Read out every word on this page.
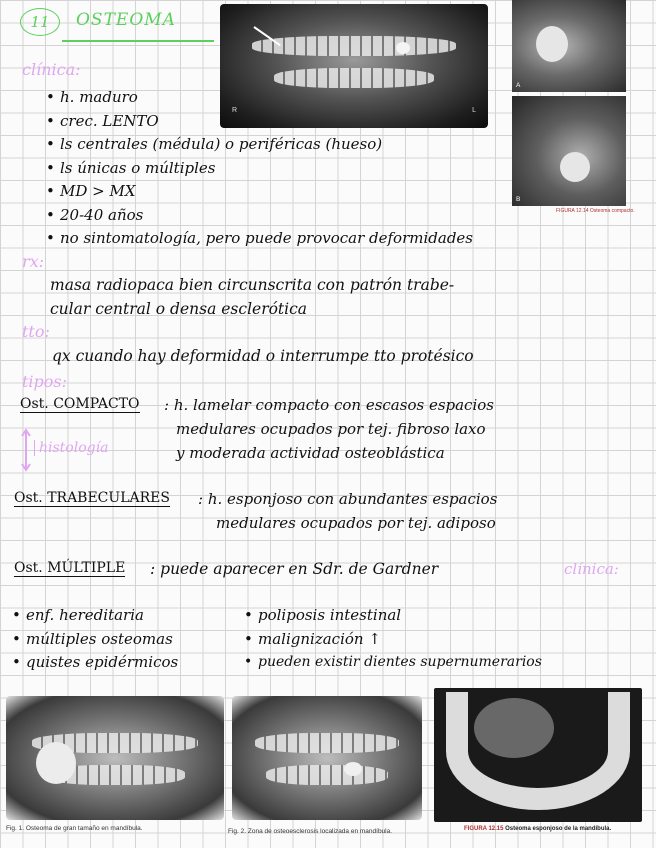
11	OSTEOMA
clínica:
• h. maduro
• crec. LENTO
• ls centrales (médula) o periféricas (hueso)
• ls únicas o múltiples
• MD > MX
• 20-40 años
• no sintomatología, pero puede provocar deformidades
R	L
A
B
FIGURA 12.14 Osteoma compacto.
rx:
masa radiopaca bien circunscrita con patrón trabe-
cular central o densa esclerótica
tto:
qx cuando hay deformidad o interrumpe tto protésico
tipos:
Ost. COMPACTO : h. lamelar compacto con escasos espacios
medulares ocupados por tej. fibroso laxo
y moderada actividad osteoblástica
histología
Ost. TRABECULARES : h. esponjoso con abundantes espacios
medulares ocupados por tej. adiposo
Ost. MÚLTIPLE : puede aparecer en Sdr. de Gardner	clínica:
• enf. hereditaria
• múltiples osteomas
• quistes epidérmicos
• poliposis intestinal
• malignización ↑
• pueden existir dientes supernumerarios
Fig. 1. Osteoma de gran tamaño en mandíbula.	Fig. 2. Zona de osteoesclerosis localizada en mandíbula.	FIGURA 12.15 Osteoma esponjoso de la mandíbula.
